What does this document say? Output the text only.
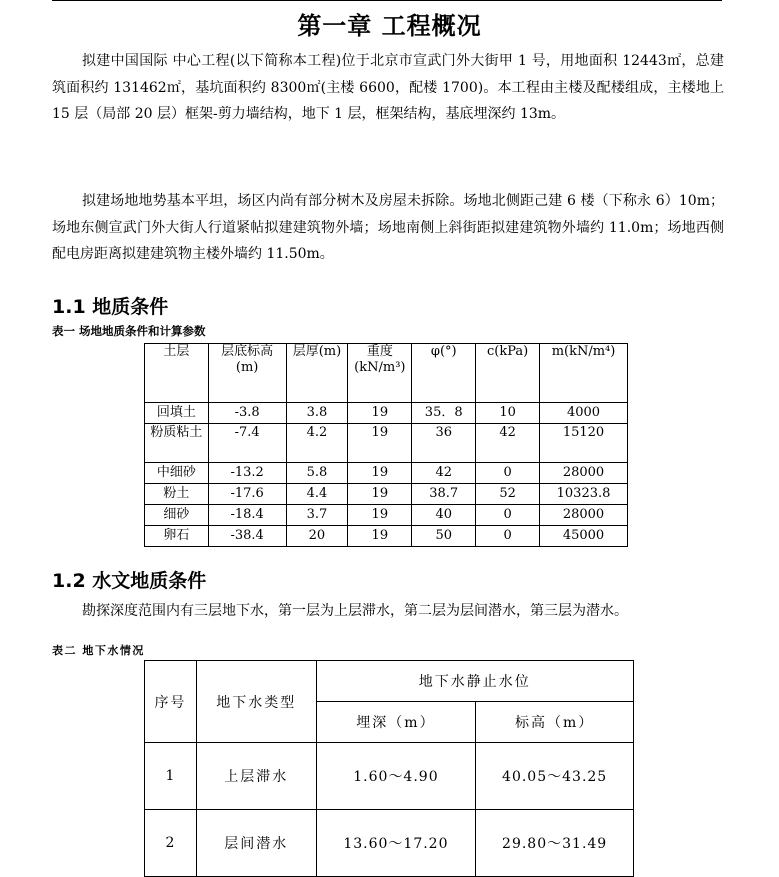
第一章 工程概况
拟建中国国际 中心工程(以下简称本工程)位于北京市宣武门外大街甲 1 号，用地面积 12443㎡，总建筑面积约 131462㎡，基坑面积约 8300㎡(主楼 6600，配楼 1700)。本工程由主楼及配楼组成，主楼地上 15 层（局部 20 层）框架-剪力墙结构，地下 1 层，框架结构，基底埋深约 13m。
拟建场地地势基本平坦，场区内尚有部分树木及房屋未拆除。场地北侧距己建 6 楼（下称永 6）10m；场地东侧宣武门外大街人行道紧帖拟建建筑物外墙；场地南侧上斜街距拟建建筑物外墙约 11.0m；场地西侧配电房距离拟建建筑物主楼外墙约 11.50m。
1.1 地质条件
表一 场地地质条件和计算参数
土层	层底标高(m)	层厚(m)	重度(kN/m³)	φ(°)	c(kPa)	m(kN/m⁴)
回填土	-3.8	3.8	19	35．8	10	4000
粉质粘土	-7.4	4.2	19	36	42	15120
中细砂	-13.2	5.8	19	42	0	28000
粉土	-17.6	4.4	19	38.7	52	10323.8
细砂	-18.4	3.7	19	40	0	28000
卵石	-38.4	20	19	50	0	45000
1.2 水文地质条件
勘探深度范围内有三层地下水，第一层为上层滞水，第二层为层间潜水，第三层为潜水。
表二 地下水情况
序号	地下水类型	地下水静止水位	
		埋深（m）	标高（m）
1	上层滞水	1.60～4.90	40.05～43.25
2	层间潜水	13.60～17.20	29.80～31.49
